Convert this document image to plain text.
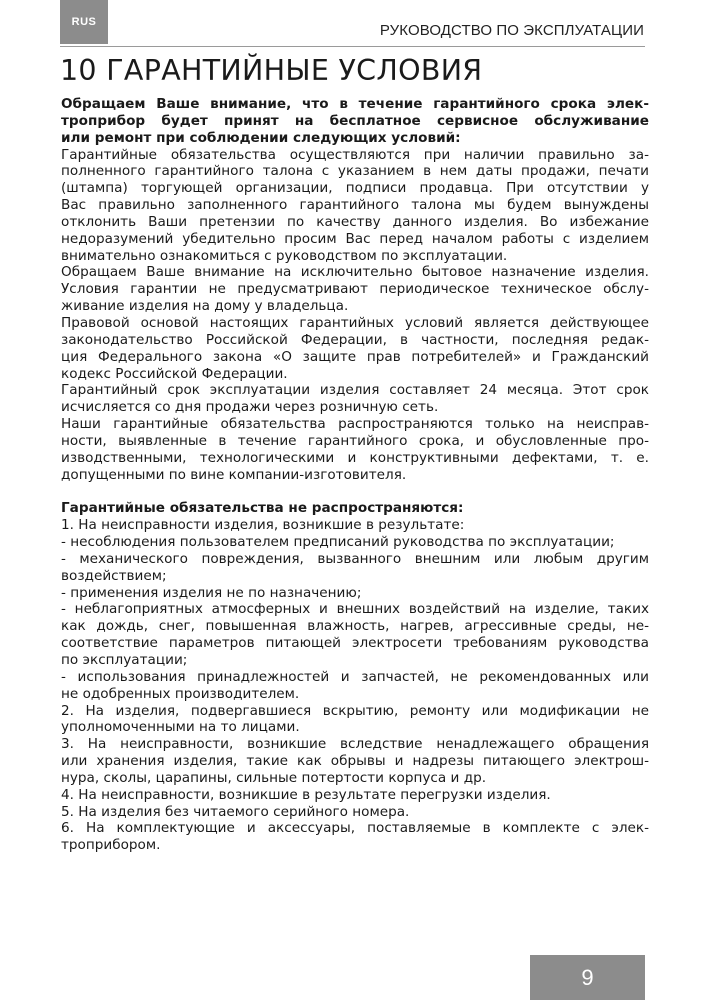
RUS	РУКОВОДСТВО ПО ЭКСПЛУАТАЦИИ
10 ГАРАНТИЙНЫЕ УСЛОВИЯ
Обращаем Ваше внимание, что в течение гарантийного срока элек-
троприбор будет принят на бесплатное сервисное обслуживание
или ремонт при соблюдении следующих условий:
Гарантийные обязательства осуществляются при наличии правильно за-
полненного гарантийного талона с указанием в нем даты продажи, печати
(штампа) торгующей организации, подписи продавца. При отсутствии у
Вас правильно заполненного гарантийного талона мы будем вынуждены
отклонить Ваши претензии по качеству данного изделия. Во избежание
недоразумений убедительно просим Вас перед началом работы с изделием
внимательно ознакомиться с руководством по эксплуатации.
Обращаем Ваше внимание на исключительно бытовое назначение изделия.
Условия гарантии не предусматривают периодическое техническое обслу-
живание изделия на дому у владельца.
Правовой основой настоящих гарантийных условий является действующее
законодательство Российской Федерации, в частности, последняя редак-
ция Федерального закона «О защите прав потребителей» и Гражданский
кодекс Российской Федерации.
Гарантийный срок эксплуатации изделия составляет 24 месяца. Этот срок
исчисляется со дня продажи через розничную сеть.
Наши гарантийные обязательства распространяются только на неисправ-
ности, выявленные в течение гарантийного срока, и обусловленные про-
изводственными, технологическими и конструктивными дефектами, т. е.
допущенными по вине компании-изготовителя.
Гарантийные обязательства не распространяются:
1. На неисправности изделия, возникшие в результате:
- несоблюдения пользователем предписаний руководства по эксплуатации;
- механического повреждения, вызванного внешним или любым другим
воздействием;
- применения изделия не по назначению;
- неблагоприятных атмосферных и внешних воздействий на изделие, таких
как дождь, снег, повышенная влажность, нагрев, агрессивные среды, не-
соответствие параметров питающей электросети требованиям руководства
по эксплуатации;
- использования принадлежностей и запчастей, не рекомендованных или
не одобренных производителем.
2. На изделия, подвергавшиеся вскрытию, ремонту или модификации не
уполномоченными на то лицами.
3. На неисправности, возникшие вследствие ненадлежащего обращения
или хранения изделия, такие как обрывы и надрезы питающего электрош-
нура, сколы, царапины, сильные потертости корпуса и др.
4. На неисправности, возникшие в результате перегрузки изделия.
5. На изделия без читаемого серийного номера.
6. На комплектующие и аксессуары, поставляемые в комплекте с элек-
троприбором.
9
